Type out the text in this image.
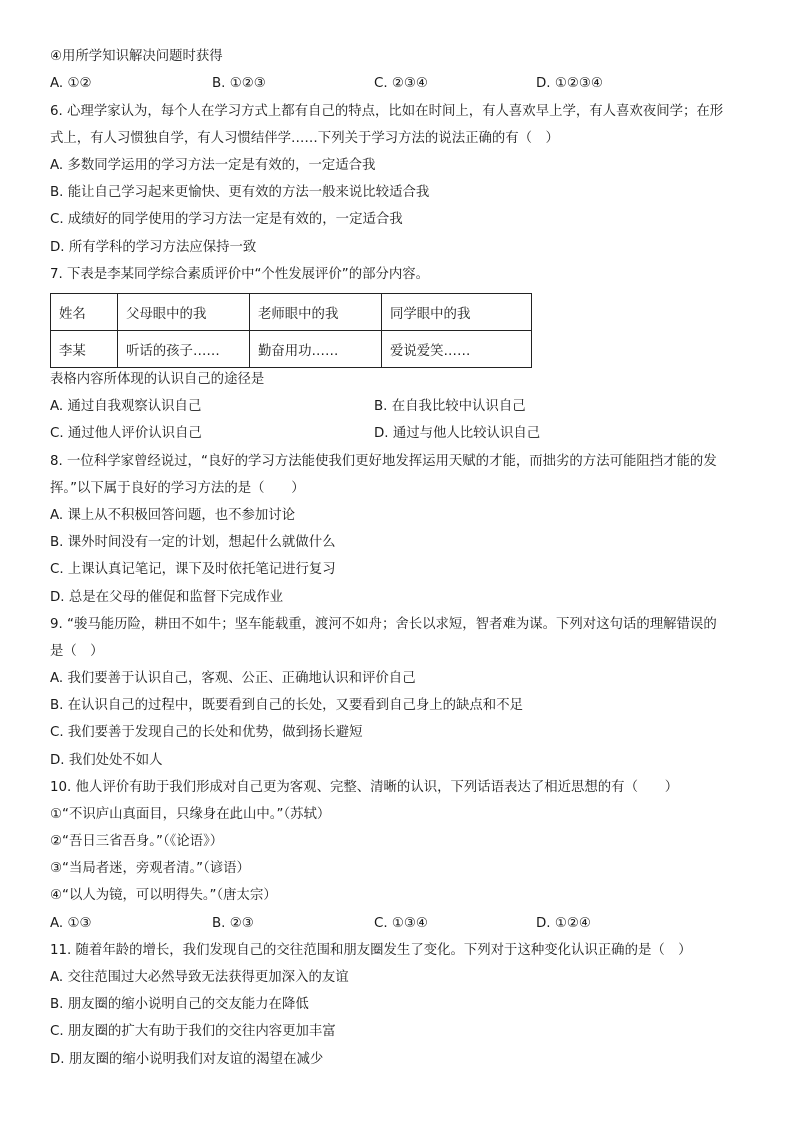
④用所学知识解决问题时获得
A. ①②	B. ①②③	C. ②③④	D. ①②③④
6. 心理学家认为，每个人在学习方式上都有自己的特点，比如在时间上，有人喜欢早上学，有人喜欢夜间学；在形
式上，有人习惯独自学，有人习惯结伴学……下列关于学习方法的说法正确的有（　）
A. 多数同学运用的学习方法一定是有效的，一定适合我
B. 能让自己学习起来更愉快、更有效的方法一般来说比较适合我
C. 成绩好的同学使用的学习方法一定是有效的，一定适合我
D. 所有学科的学习方法应保持一致
7. 下表是李某同学综合素质评价中“个性发展评价”的部分内容。
姓名	父母眼中的我	老师眼中的我	同学眼中的我
李某	听话的孩子……	勤奋用功……	爱说爱笑……
表格内容所体现的认识自己的途径是
A. 通过自我观察认识自己	B. 在自我比较中认识自己
C. 通过他人评价认识自己	D. 通过与他人比较认识自己
8. 一位科学家曾经说过，“良好的学习方法能使我们更好地发挥运用天赋的才能，而拙劣的方法可能阻挡才能的发
挥。”以下属于良好的学习方法的是（　　）
A. 课上从不积极回答问题，也不参加讨论
B. 课外时间没有一定的计划，想起什么就做什么
C. 上课认真记笔记，课下及时依托笔记进行复习
D. 总是在父母的催促和监督下完成作业
9. “骏马能历险，耕田不如牛；坚车能载重，渡河不如舟；舍长以求短，智者难为谋。下列对这句话的理解错误的
是（　）
A. 我们要善于认识自己，客观、公正、正确地认识和评价自己
B. 在认识自己的过程中，既要看到自己的长处，又要看到自己身上的缺点和不足
C. 我们要善于发现自己的长处和优势，做到扬长避短
D. 我们处处不如人
10. 他人评价有助于我们形成对自己更为客观、完整、清晰的认识，下列话语表达了相近思想的有（　　）
①“不识庐山真面目，只缘身在此山中。”（苏轼）
②“吾日三省吾身。”（《论语》）
③“当局者迷，旁观者清。”（谚语）
④“以人为镜，可以明得失。”（唐太宗）
A. ①③	B. ②③	C. ①③④	D. ①②④
11. 随着年龄的增长，我们发现自己的交往范围和朋友圈发生了变化。下列对于这种变化认识正确的是（　）
A. 交往范围过大必然导致无法获得更加深入的友谊
B. 朋友圈的缩小说明自己的交友能力在降低
C. 朋友圈的扩大有助于我们的交往内容更加丰富
D. 朋友圈的缩小说明我们对友谊的渴望在减少
